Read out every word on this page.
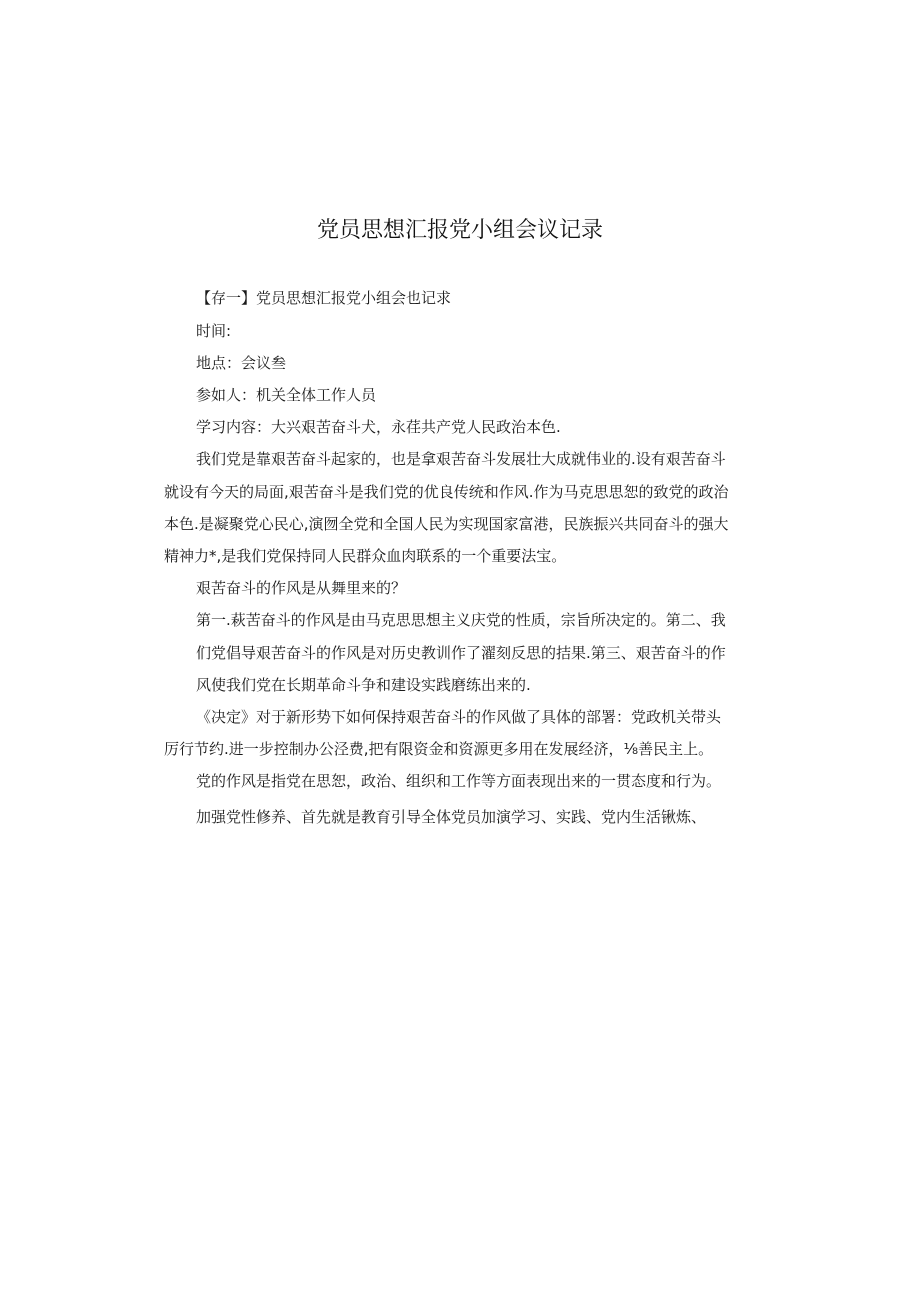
党员思想汇报党小组会议记录
【存一】党员思想汇报党小组会也记求
时间:
地点：会议叁
参如人：机关全体工作人员
学习内容：大兴艰苦奋斗犬，永荏共产党人民政治本色.
我们党是靠艰苦奋斗起家的，也是拿艰苦奋斗发展壮大成就伟业的.设有艰苦奋斗
就设有今天的局面,艰苦奋斗是我们党的优良传统和作风.作为马克思思恕的致党的政治
本色.是凝聚党心民心,演囫全党和全国人民为实现国家富港，民族振兴共同奋斗的强大
精神力*,是我们党保持同人民群众血肉联系的一个重要法宝。
艰苦奋斗的作风是从舞里来的？
第一.萩苦奋斗的作风是由马克思思想主义庆党的性质，宗旨所决定的。第二、我
们党倡导艰苦奋斗的作风是对历史教训作了濯刻反思的拮果.第三、艰苦奋斗的作
风使我们党在长期革命斗争和建设实践磨练出来的.
《决定》对于新形势下如何保持艰苦奋斗的作风做了具体的部署：党政机关带头
厉行节约.进一步控制办公泾费,把有限资金和资源更多用在发展经济，⅛善民主上。
党的作风是指党在思恕，政治、组织和工作等方面表现出来的一贯态度和行为。
加强党性修养、首先就是教育引导全体党员加演学习、实践、党内生活锹炼、
